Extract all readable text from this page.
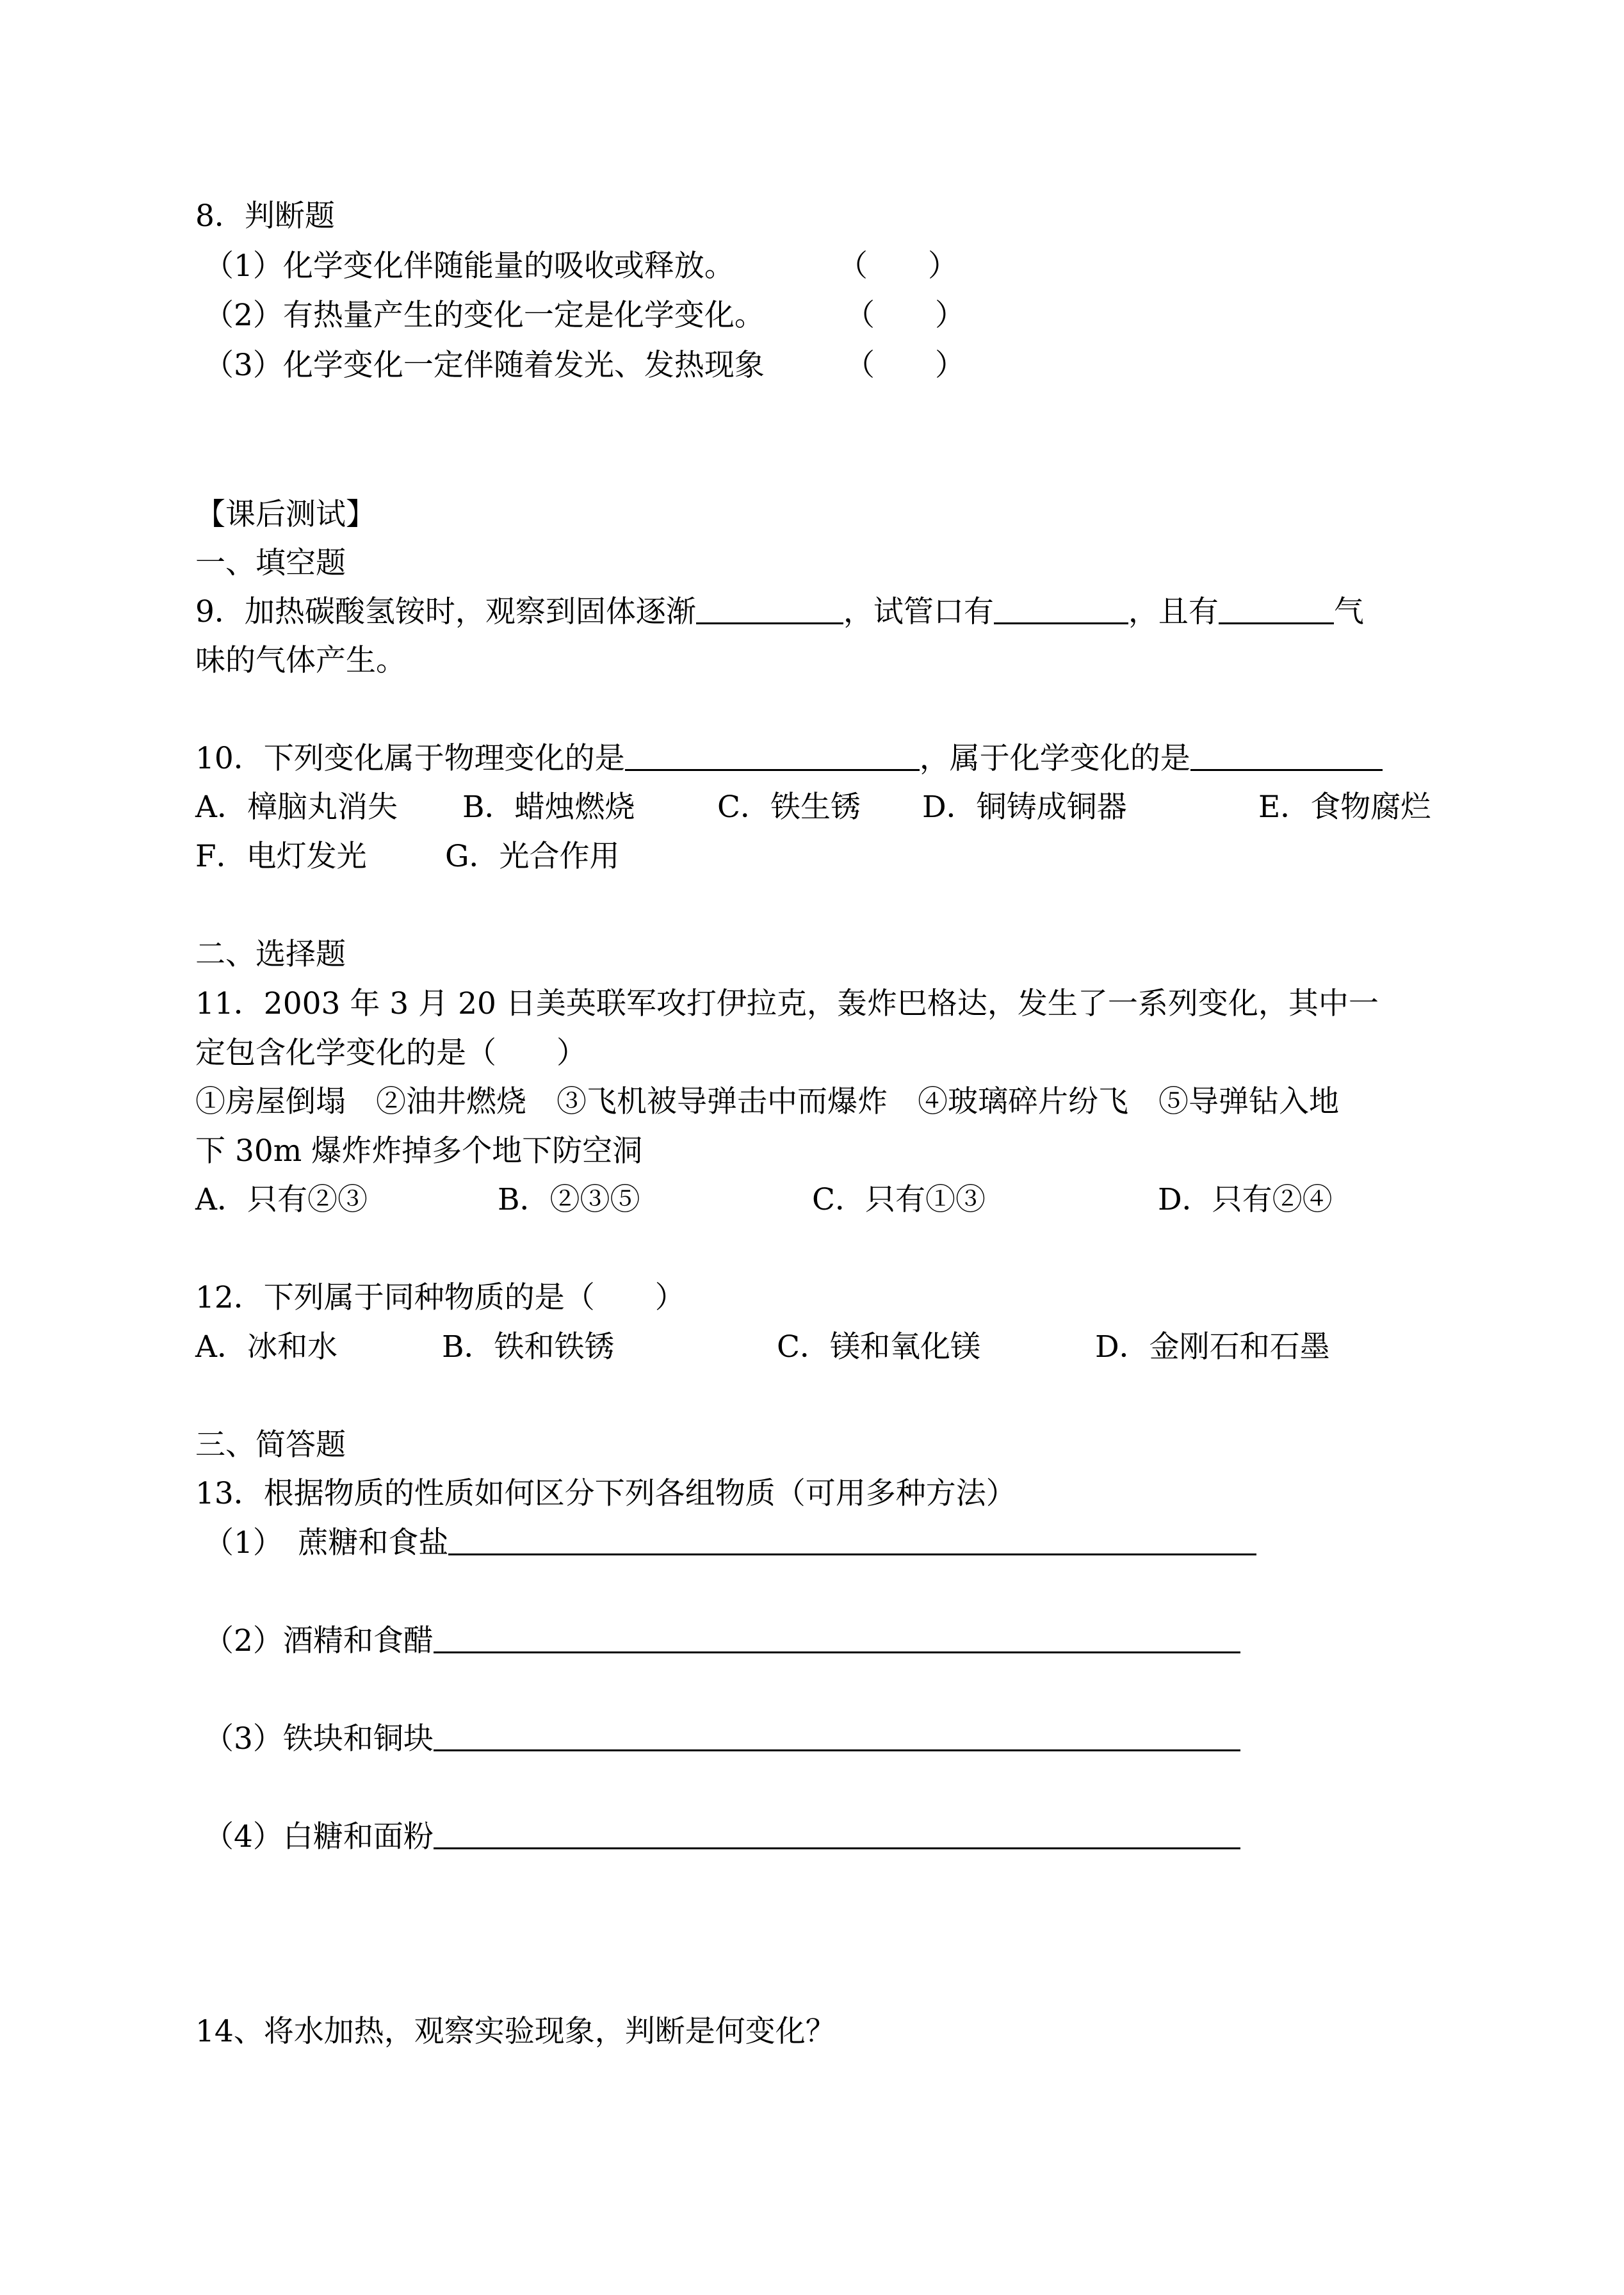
8．判断题
（1）化学变化伴随能量的吸收或释放。	（　　）
（2）有热量产生的变化一定是化学变化。	（　　）
（3）化学变化一定伴随着发光、发热现象	（　　）
【课后测试】
一、填空题
9．加热碳酸氢铵时，观察到固体逐渐	，试管口有	，且有	气
味的气体产生。
10．下列变化属于物理变化的是	，属于化学变化的是
A．樟脑丸消失 B．蜡烛燃烧	C．铁生锈 D．铜铸成铜器	E．食物腐烂
F．电灯发光	G．光合作用
二、选择题
11．2003 年 3 月 20 日美英联军攻打伊拉克，轰炸巴格达，发生了一系列变化，其中一
定包含化学变化的是（　　）
①房屋倒塌　②油井燃烧　③飞机被导弹击中而爆炸　④玻璃碎片纷飞　⑤导弹钻入地
下 30m 爆炸炸掉多个地下防空洞
A．只有②③	B．②③⑤	C．只有①③	D．只有②④
12．下列属于同种物质的是（　　）
A．冰和水	B．铁和铁锈	C．镁和氧化镁	D．金刚石和石墨
三、简答题
13．根据物质的性质如何区分下列各组物质（可用多种方法）
（1）　蔗糖和食盐
（2）酒精和食醋
（3）铁块和铜块
（4）白糖和面粉
14、将水加热，观察实验现象，判断是何变化？
